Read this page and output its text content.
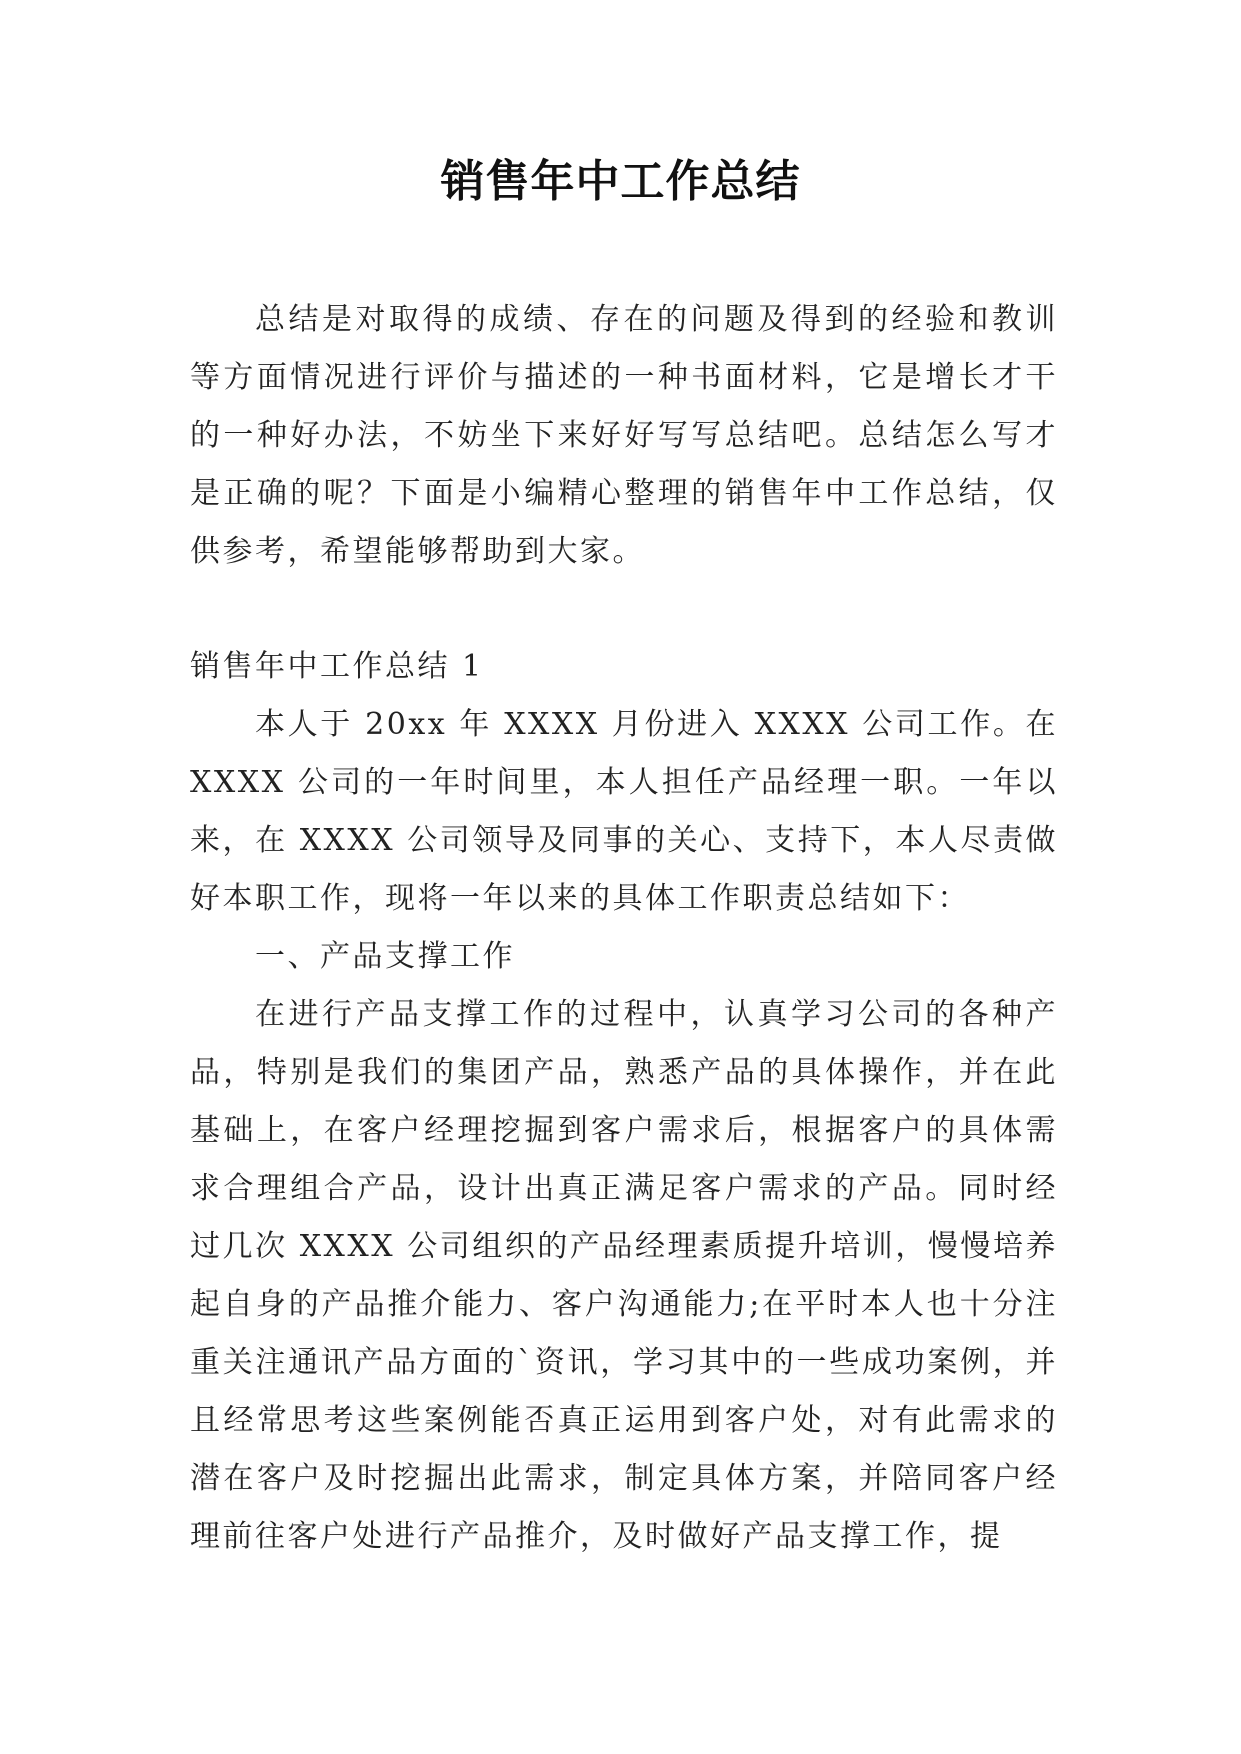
销售年中工作总结

总结是对取得的成绩、存在的问题及得到的经验和教训等方面情况进行评价与描述的一种书面材料，它是增长才干的一种好办法，不妨坐下来好好写写总结吧。总结怎么写才是正确的呢？下面是小编精心整理的销售年中工作总结，仅供参考，希望能够帮助到大家。

销售年中工作总结 1

本人于 20xx 年 XXXX 月份进入 XXXX 公司工作。在 XXXX 公司的一年时间里，本人担任产品经理一职。一年以来，在 XXXX 公司领导及同事的关心、支持下，本人尽责做好本职工作，现将一年以来的具体工作职责总结如下：

一、产品支撑工作

在进行产品支撑工作的过程中，认真学习公司的各种产品，特别是我们的集团产品，熟悉产品的具体操作，并在此基础上，在客户经理挖掘到客户需求后，根据客户的具体需求合理组合产品，设计出真正满足客户需求的产品。同时经过几次 XXXX 公司组织的产品经理素质提升培训，慢慢培养起自身的产品推介能力、客户沟通能力;在平时本人也十分注重关注通讯产品方面的`资讯，学习其中的一些成功案例，并且经常思考这些案例能否真正运用到客户处，对有此需求的潜在客户及时挖掘出此需求，制定具体方案，并陪同客户经理前往客户处进行产品推介，及时做好产品支撑工作，提
